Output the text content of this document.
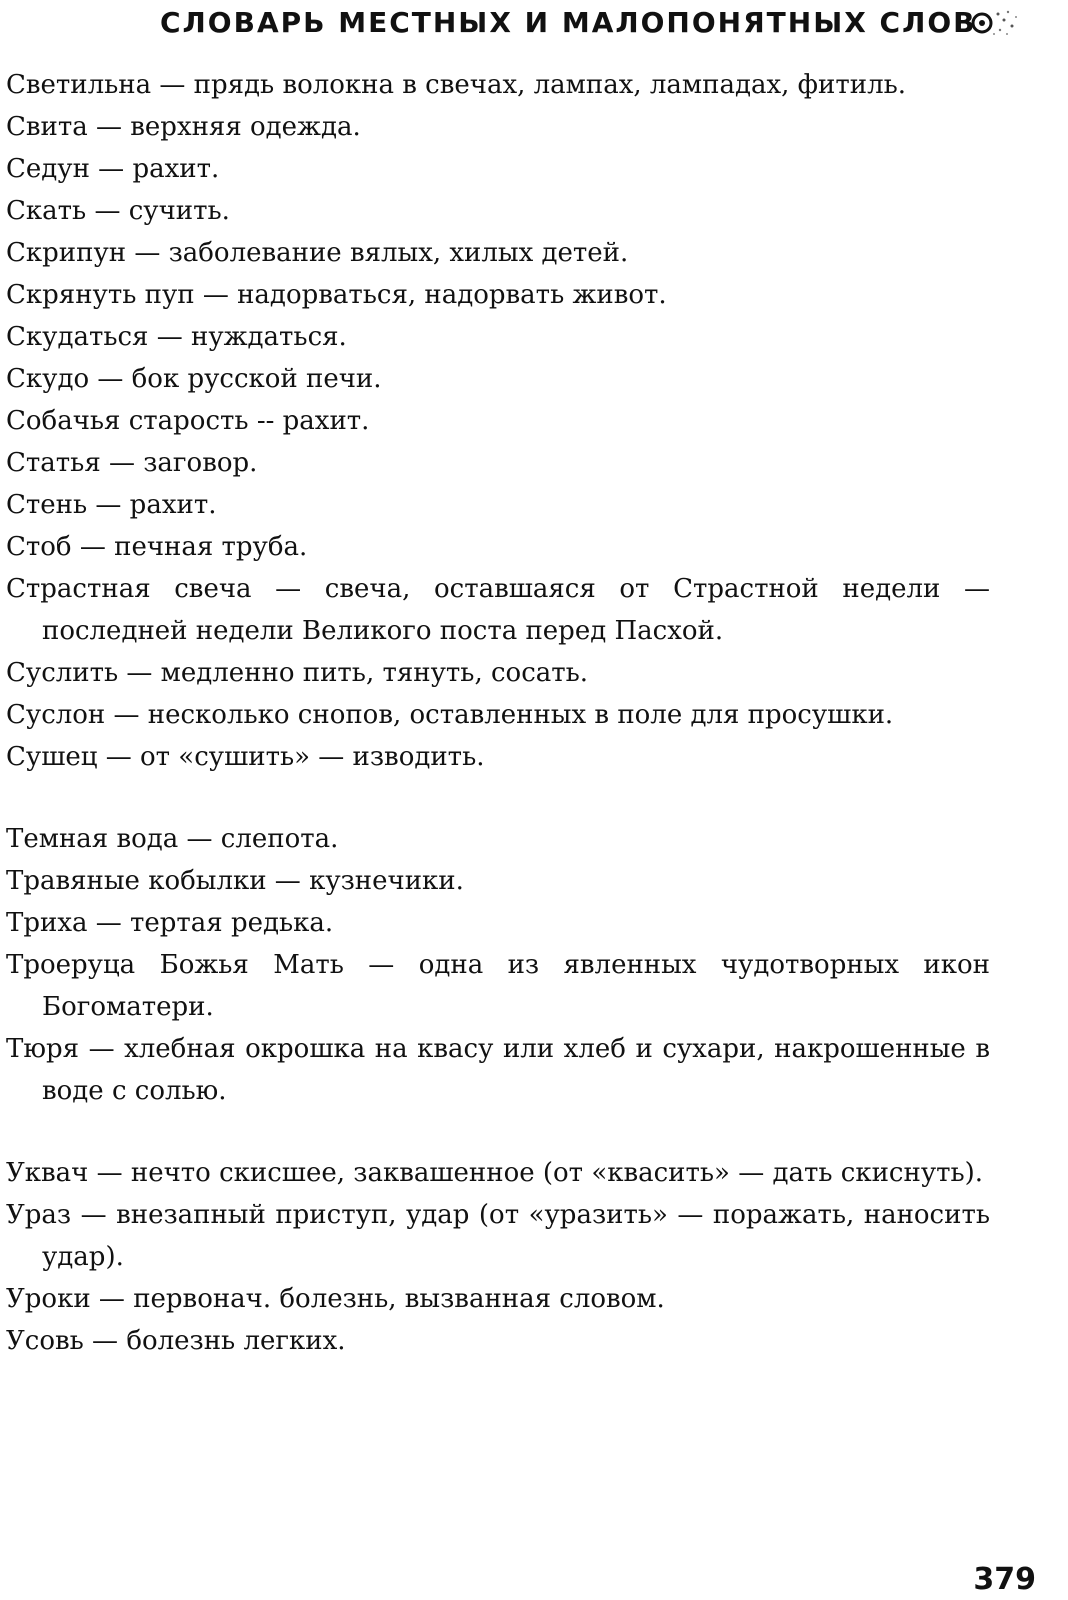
СЛОВАРЬ МЕСТНЫХ И МАЛОПОНЯТНЫХ СЛОВ
Светильна — прядь волокна в свечах, лампах, лампадах, фитиль.
Свита — верхняя одежда.
Седун — рахит.
Скать — сучить.
Скрипун — заболевание вялых, хилых детей.
Скрянуть пуп — надорваться, надорвать живот.
Скудаться — нуждаться.
Скудо — бок русской печи.
Собачья старость -- рахит.
Статья — заговор.
Стень — рахит.
Стоб — печная труба.
Страстная свеча — свеча, оставшаяся от Страстной недели — последней недели Великого поста перед Пасхой.
Суслить — медленно пить, тянуть, сосать.
Суслон — несколько снопов, оставленных в поле для просушки.
Сушец — от «сушить» — изводить.
Темная вода — слепота.
Травяные кобылки — кузнечики.
Триха — тертая редька.
Троеруца Божья Мать — одна из явленных чудотворных икон Богоматери.
Тюря — хлебная окрошка на квасу или хлеб и сухари, накрошенные в воде с солью.
Уквач — нечто скисшее, заквашенное (от «квасить» — дать скиснуть).
Ураз — внезапный приступ, удар (от «уразить» — поражать, наносить удар).
Уроки — первонач. болезнь, вызванная словом.
Усовь — болезнь легких.
379
